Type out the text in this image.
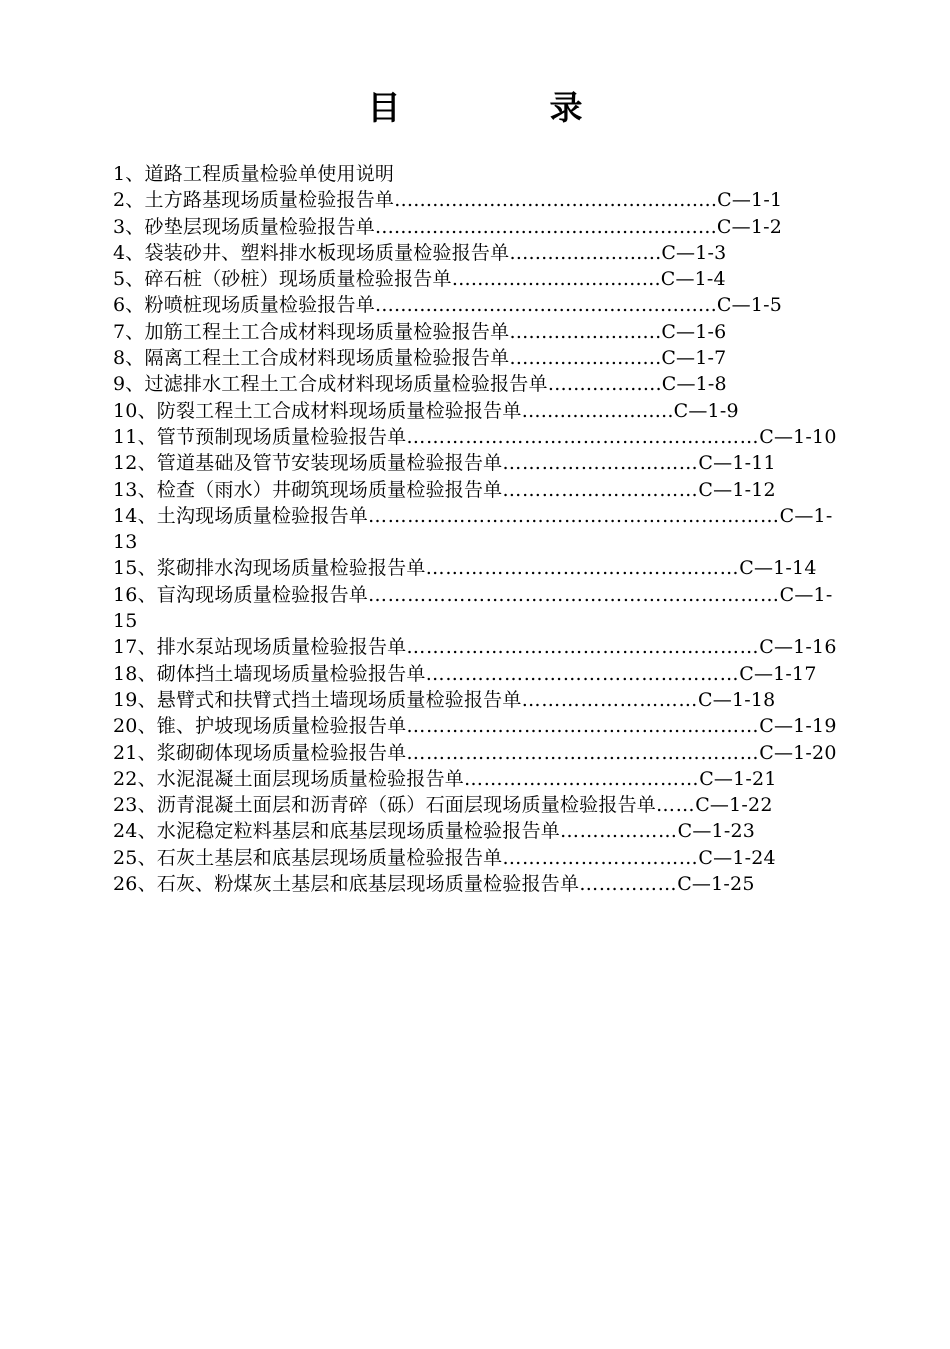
目　录
1、道路工程质量检验单使用说明
2、土方路基现场质量检验报告单……………………………………………C—1-1
3、砂垫层现场质量检验报告单………………………………………………C—1-2
4、袋装砂井、塑料排水板现场质量检验报告单……………………C—1-3
5、碎石桩（砂桩）现场质量检验报告单……………………………C—1-4
6、粉喷桩现场质量检验报告单………………………………………………C—1-5
7、加筋工程土工合成材料现场质量检验报告单……………………C—1-6
8、隔离工程土工合成材料现场质量检验报告单……………………C—1-7
9、过滤排水工程土工合成材料现场质量检验报告单………………C—1-8
10、防裂工程土工合成材料现场质量检验报告单……………………C—1-9
11、管节预制现场质量检验报告单………………………………………………C—1-10
12、管道基础及管节安装现场质量检验报告单…………………………C—1-11
13、检查（雨水）井砌筑现场质量检验报告单…………………………C—1-12
14、土沟现场质量检验报告单………………………………………………………C—1-13
15、浆砌排水沟现场质量检验报告单…………………………………………C—1-14
16、盲沟现场质量检验报告单………………………………………………………C—1-15
17、排水泵站现场质量检验报告单………………………………………………C—1-16
18、砌体挡土墙现场质量检验报告单…………………………………………C—1-17
19、悬臂式和扶臂式挡土墙现场质量检验报告单………………………C—1-18
20、锥、护坡现场质量检验报告单………………………………………………C—1-19
21、浆砌砌体现场质量检验报告单………………………………………………C—1-20
22、水泥混凝土面层现场质量检验报告单………………………………C—1-21
23、沥青混凝土面层和沥青碎（砾）石面层现场质量检验报告单……C—1-22
24、水泥稳定粒料基层和底基层现场质量检验报告单………………C—1-23
25、石灰土基层和底基层现场质量检验报告单…………………………C—1-24
26、石灰、粉煤灰土基层和底基层现场质量检验报告单……………C—1-25
